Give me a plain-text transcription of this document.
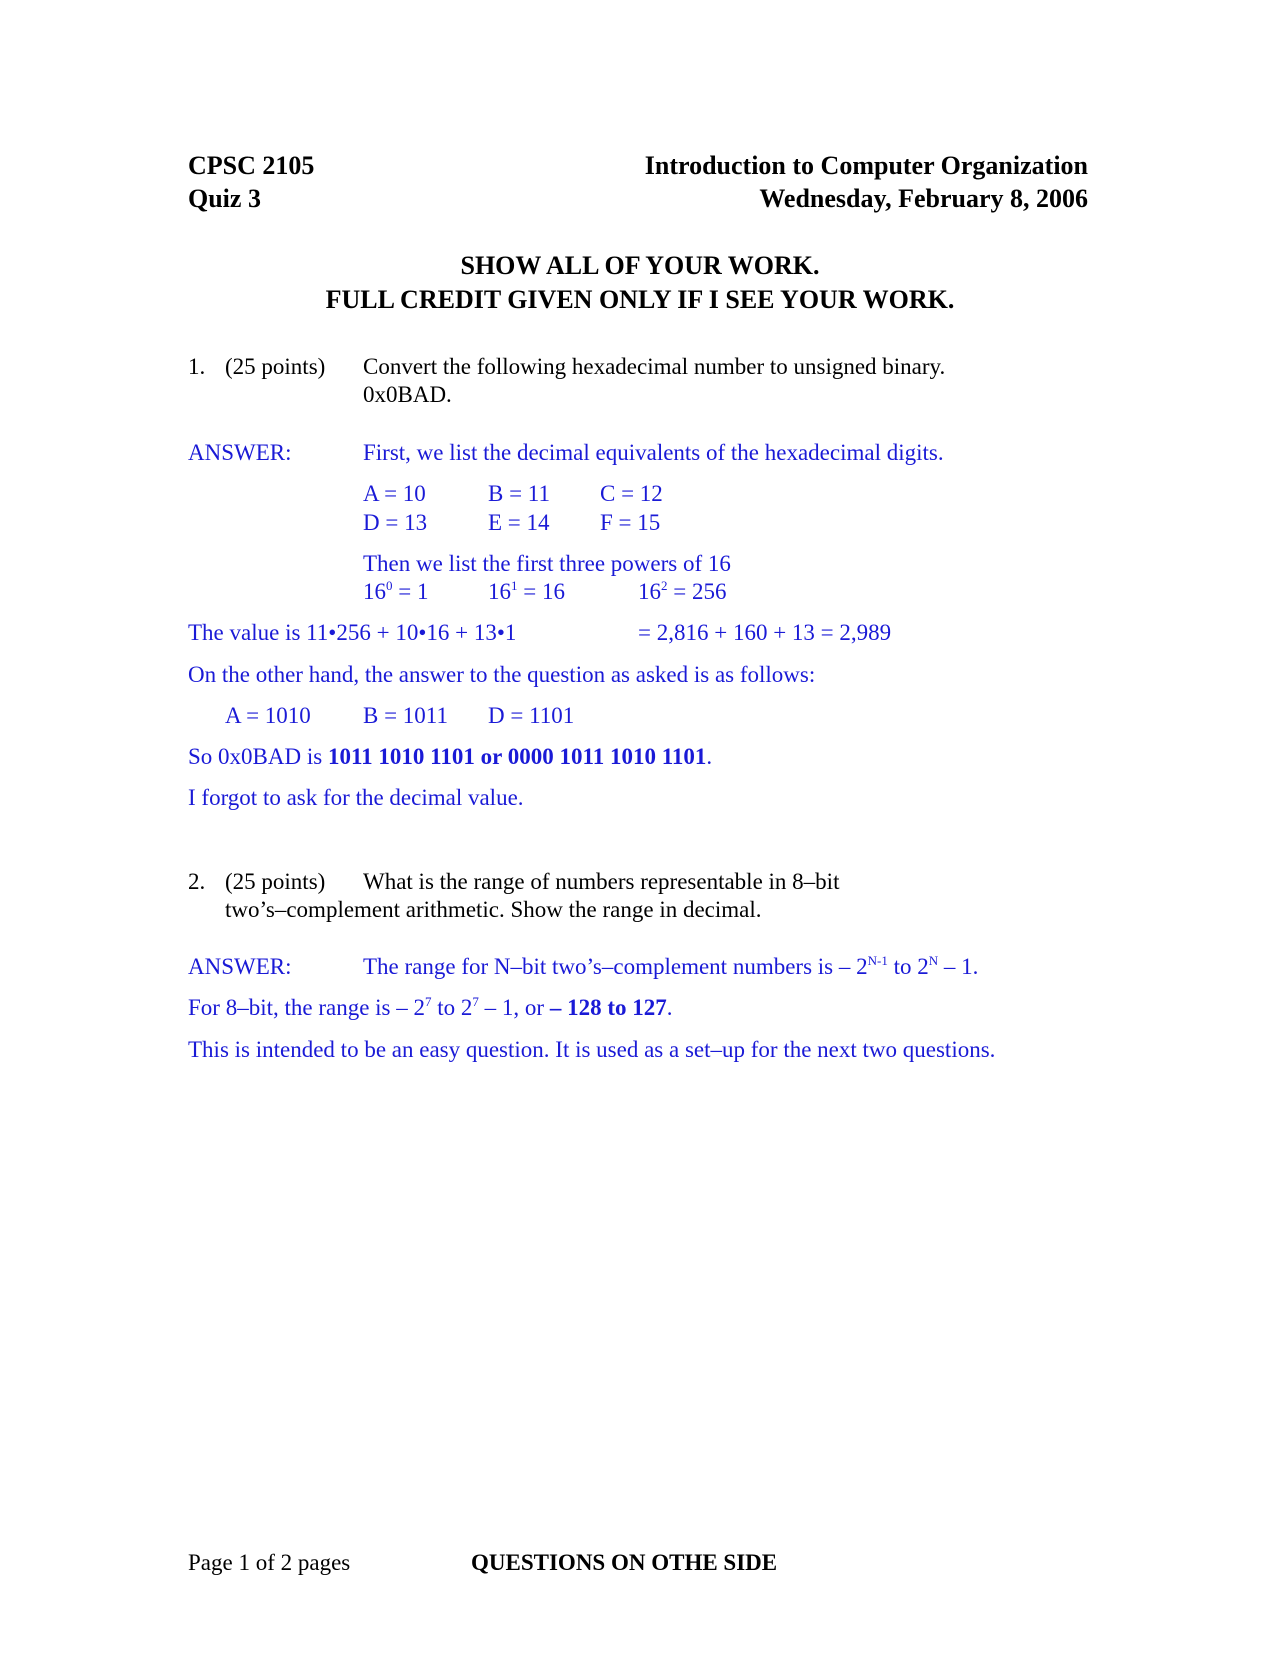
CPSC 2105	Introduction to Computer Organization
Quiz 3	Wednesday, February 8, 2006
SHOW ALL OF YOUR WORK.
FULL CREDIT GIVEN ONLY IF I SEE YOUR WORK.
1. (25 points) Convert the following hexadecimal number to unsigned binary.
0x0BAD.
ANSWER:	First, we list the decimal equivalents of the hexadecimal digits.
A = 10	B = 11 C = 12
D = 13	E = 14 F = 15
Then we list the first three powers of 16
$16^0 = 1$	$16^1 = 16$	$16^2 = 256$
The value is 11•256 + 10•16 + 13•1	= 2,816 + 160 + 13 = 2,989
On the other hand, the answer to the question as asked is as follows:
A = 1010 B = 1011 D = 1101
So 0x0BAD is 1011 1010 1101 or 0000 1011 1010 1101.
I forgot to ask for the decimal value.
2. (25 points) What is the range of numbers representable in 8–bit
two’s–complement arithmetic. Show the range in decimal.
ANSWER:	The range for N–bit two’s–complement numbers is – $2^{N-1}$ to $2^N - 1$.
For 8–bit, the range is – $2^7$ to $2^7 - 1$, or – 128 to 127.
This is intended to be an easy question. It is used as a set–up for the next two questions.
Page 1 of 2 pages	QUESTIONS ON OTHE SIDE
